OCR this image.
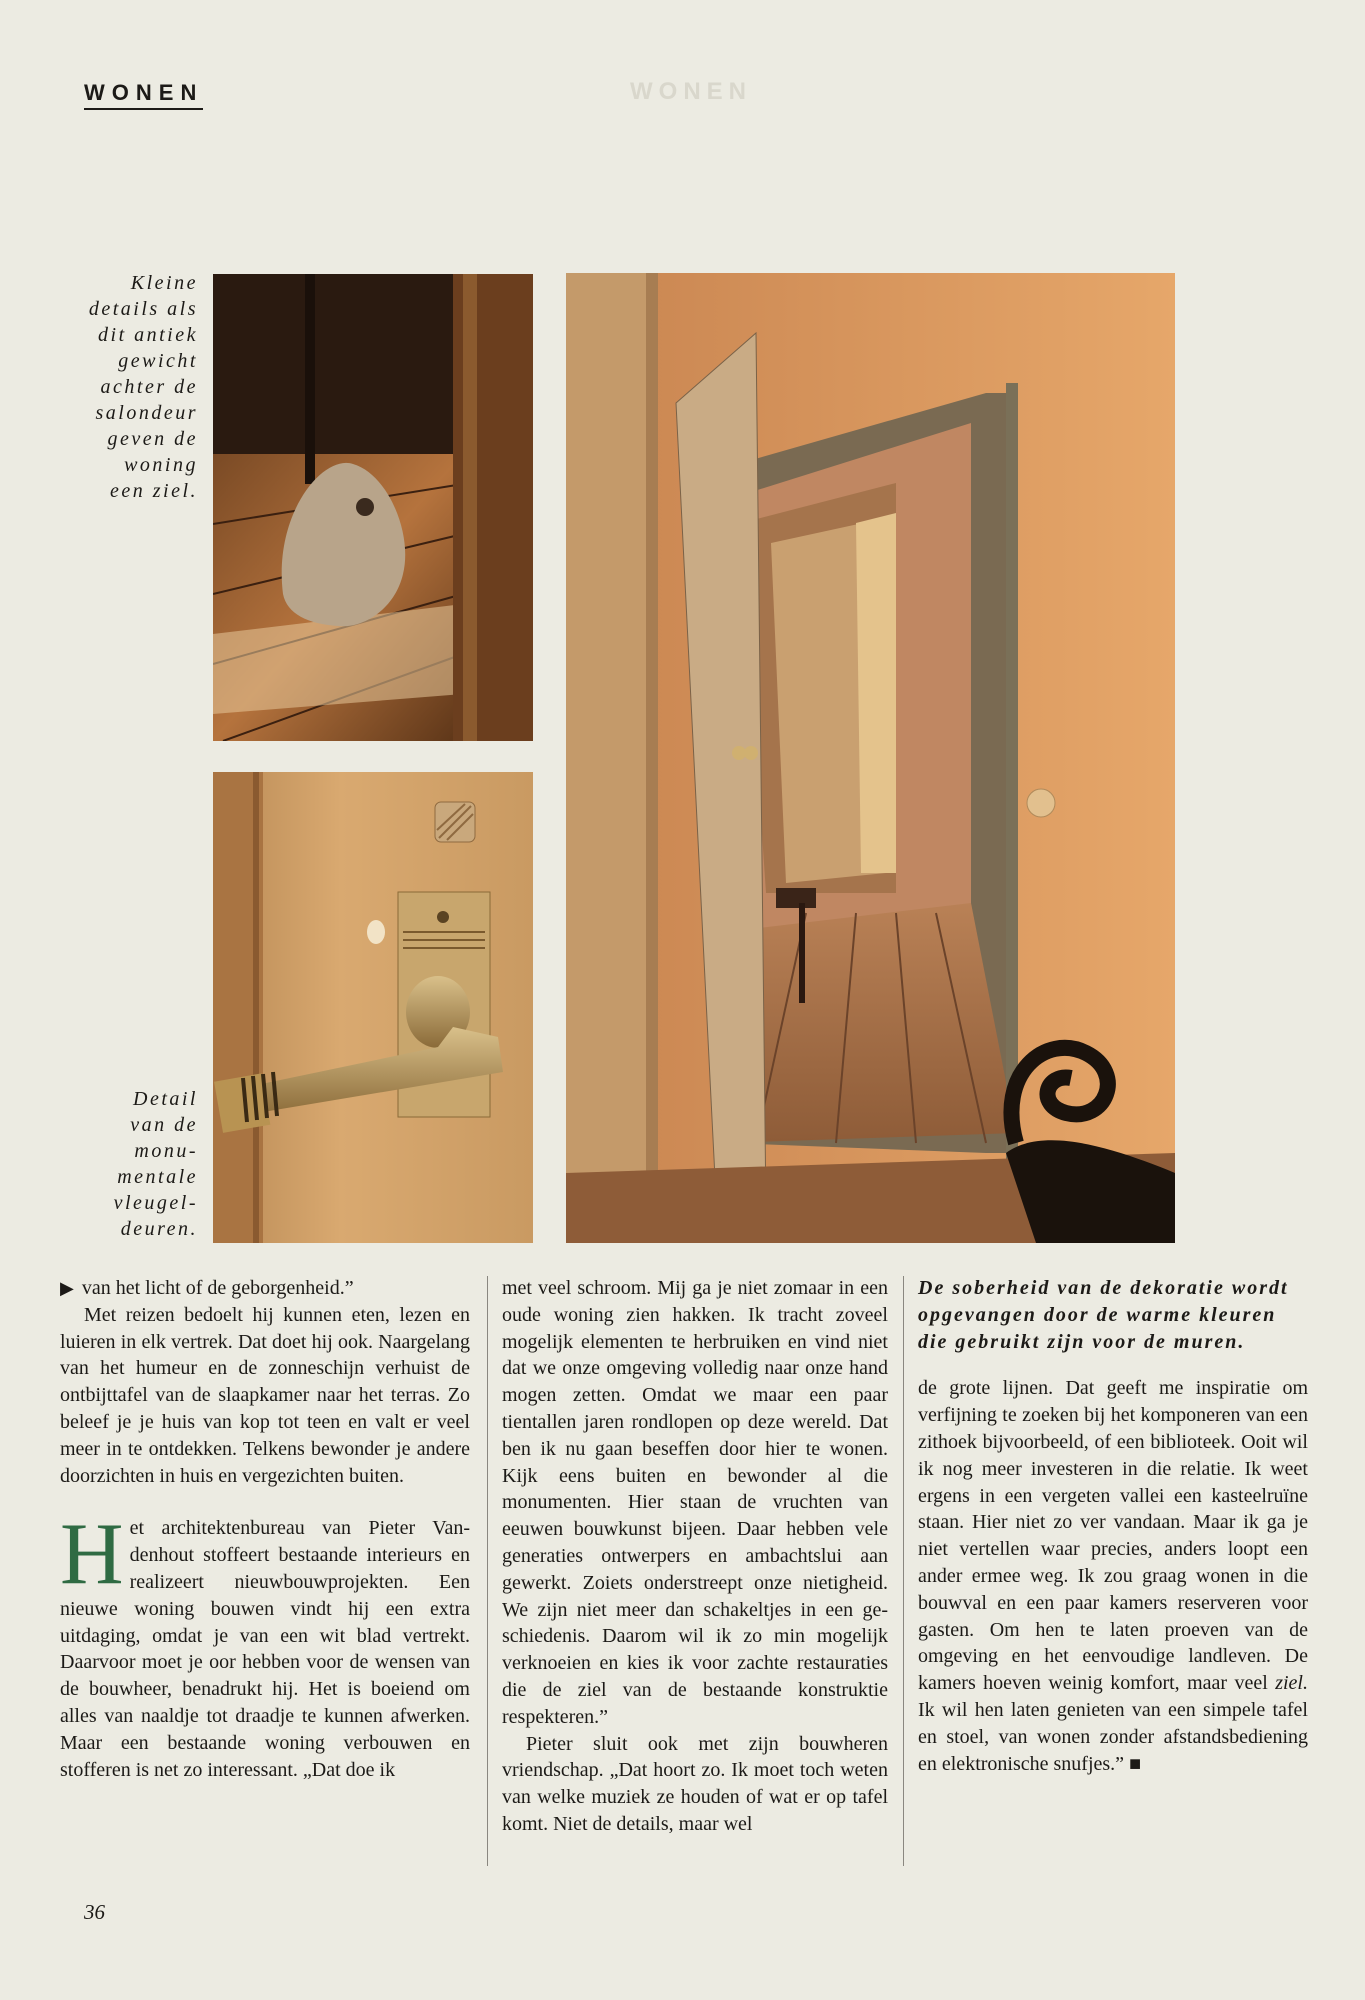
WONEN	WONEN
Kleine
details als
dit antiek
gewicht
achter de
salondeur
geven de
woning
een ziel.
Detail
van de
monu-
mentale
vleugel-
deuren.

▶ van het licht of de geborgenheid.”

Met reizen bedoelt hij kunnen eten, lezen en luieren in elk vertrek. Dat doet hij ook. Naargelang van het humeur en de zonneschijn verhuist de ontbijttafel van de slaapkamer naar het terras. Zo beleef je je huis van kop tot teen en valt er veel meer in te ontdekken. Telkens bewonder je andere doorzichten in huis en vergezichten buiten.

Het architektenbureau van Pieter Vandenhout stoffeert bestaande interieurs en realizeert nieuwbouwprojekten. Een nieuwe woning bouwen vindt hij een extra uitdaging, omdat je van een wit blad vertrekt. Daarvoor moet je oor hebben voor de wensen van de bouwheer, benadrukt hij. Het is boeiend om alles van naaldje tot draadje te kunnen afwerken. Maar een bestaande woning verbouwen en stofferen is net zo interessant. „Dat doe ik

met veel schroom. Mij ga je niet zomaar in een oude woning zien hakken. Ik tracht zoveel mogelijk elementen te herbruiken en vind niet dat we onze omgeving volledig naar onze hand mogen zetten. Omdat we maar een paar tientallen jaren rondlopen op deze wereld. Dat ben ik nu gaan beseffen door hier te wonen. Kijk eens buiten en bewonder al die monumenten. Hier staan de vruchten van eeuwen bouwkunst bijeen. Daar hebben vele generaties ontwerpers en ambachtslui aan gewerkt. Zoiets onderstreept onze nietigheid. We zijn niet meer dan schakeltjes in een geschiedenis. Daarom wil ik zo min mogelijk verknoeien en kies ik voor zachte restauraties die de ziel van de bestaande konstruktie respekteren.”

Pieter sluit ook met zijn bouwheren vriendschap. „Dat hoort zo. Ik moet toch weten van welke muziek ze houden of wat er op tafel komt. Niet de details, maar wel

De soberheid van de dekoratie wordt opgevangen door de warme kleuren die gebruikt zijn voor de muren.

de grote lijnen. Dat geeft me inspiratie om verfijning te zoeken bij het komponeren van een zithoek bijvoorbeeld, of een biblioteek. Ooit wil ik nog meer investeren in die relatie. Ik weet ergens in een vergeten vallei een kasteelruïne staan. Hier niet zo ver vandaan. Maar ik ga je niet vertellen waar precies, anders loopt een ander ermee weg. Ik zou graag wonen in die bouwval en een paar kamers reserveren voor gasten. Om hen te laten proeven van de omgeving en het eenvoudige landleven. De kamers hoeven weinig komfort, maar veel ziel. Ik wil hen laten genieten van een simpele tafel en stoel, van wonen zonder afstandsbediening en elektronische snufjes.” ■

36
